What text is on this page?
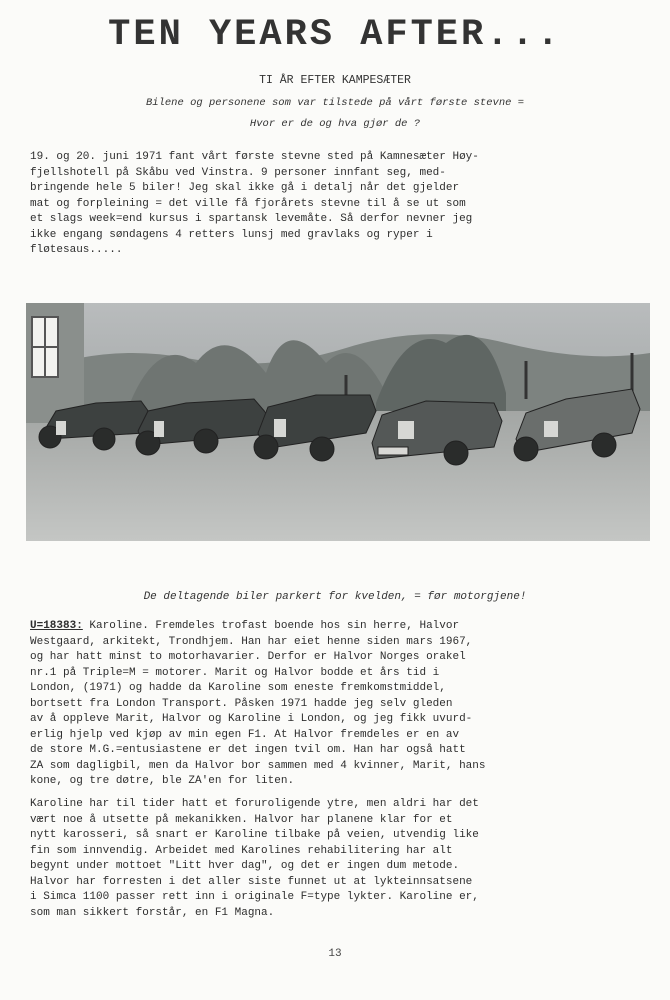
TEN YEARS AFTER...
TI ÅR EFTER KAMPESÆTER
Bilene og personene som var tilstede på vårt første stevne =
Hvor er de og hva gjør de ?

19. og 20. juni 1971 fant vårt første stevne sted på Kamnesæter Høy-
fjellshotell på Skåbu ved Vinstra. 9 personer innfant seg, med-
bringende hele 5 biler! Jeg skal ikke gå i detalj når det gjelder
mat og forpleining = det ville få fjorårets stevne til å se ut som
et slags week=end kursus i spartansk levemåte. Så derfor nevner jeg
ikke engang søndagens 4 retters lunsj med gravlaks og ryper i
fløtesaus.....

De deltagende biler parkert for kvelden, = før motorgjene!

U=18383: Karoline. Fremdeles trofast boende hos sin herre, Halvor
Westgaard, arkitekt, Trondhjem. Han har eiet henne siden mars 1967,
og har hatt minst to motorhavarier. Derfor er Halvor Norges orakel
nr.1 på Triple=M = motorer. Marit og Halvor bodde et års tid i
London, (1971) og hadde da Karoline som eneste fremkomstmiddel,
bortsett fra London Transport. Påsken 1971 hadde jeg selv gleden
av å oppleve Marit, Halvor og Karoline i London, og jeg fikk uvurd-
erlig hjelp ved kjøp av min egen F1. At Halvor fremdeles er en av
de store M.G.=entusiastene er det ingen tvil om. Han har også hatt
ZA som dagligbil, men da Halvor bor sammen med 4 kvinner, Marit, hans
kone, og tre døtre, ble ZA'en for liten.

Karoline har til tider hatt et foruroligende ytre, men aldri har det
vært noe å utsette på mekanikken. Halvor har planene klar for et
nytt karosseri, så snart er Karoline tilbake på veien, utvendig like
fin som innvendig. Arbeidet med Karolines rehabilitering har alt
begynt under mottoet "Litt hver dag", og det er ingen dum metode.
Halvor har forresten i det aller siste funnet ut at lykteinnsatsene
i Simca 1100 passer rett inn i originale F=type lykter. Karoline er,
som man sikkert forstår, en F1 Magna.

13
